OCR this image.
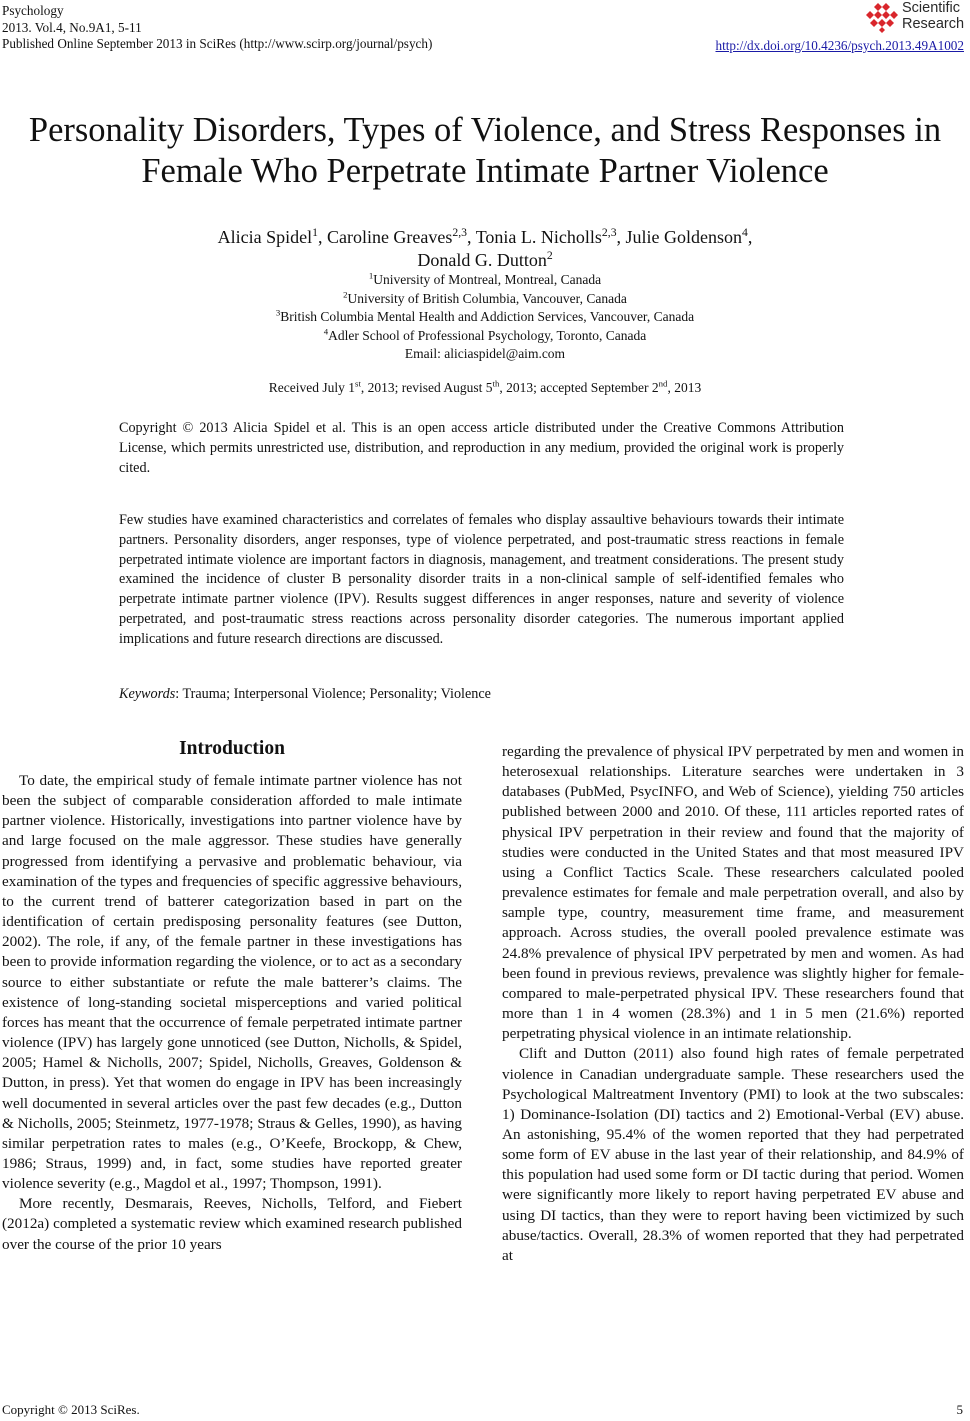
Psychology
2013. Vol.4, No.9A1, 5-11
Published Online September 2013 in SciRes (http://www.scirp.org/journal/psych)	http://dx.doi.org/10.4236/psych.2013.49A1002
Scientific
Research
Personality Disorders, Types of Violence, and Stress Responses in
Female Who Perpetrate Intimate Partner Violence
Alicia Spidel$^1$, Caroline Greaves$^{2,3}$, Tonia L. Nicholls$^{2,3}$, Julie Goldenson$^4$,
Donald G. Dutton$^2$
$^1$University of Montreal, Montreal, Canada
$^2$University of British Columbia, Vancouver, Canada
$^3$British Columbia Mental Health and Addiction Services, Vancouver, Canada
$^4$Adler School of Professional Psychology, Toronto, Canada
Email: aliciaspidel@aim.com
Received July 1st, 2013; revised August 5th, 2013; accepted September 2nd, 2013
Copyright © 2013 Alicia Spidel et al. This is an open access article distributed under the Creative Commons Attribution License, which permits unrestricted use, distribution, and reproduction in any medium, provided the original work is properly cited.
Few studies have examined characteristics and correlates of females who display assaultive behaviours towards their intimate partners. Personality disorders, anger responses, type of violence perpetrated, and post-traumatic stress reactions in female perpetrated intimate violence are important factors in diagnosis, management, and treatment considerations. The present study examined the incidence of cluster B personality disorder traits in a non-clinical sample of self-identified females who perpetrate intimate partner violence (IPV). Results suggest differences in anger responses, nature and severity of violence perpetrated, and post-traumatic stress reactions across personality disorder categories. The numerous important applied implications and future research directions are discussed.
Keywords: Trauma; Interpersonal Violence; Personality; Violence
Introduction

To date, the empirical study of female intimate partner violence has not been the subject of comparable consideration afforded to male intimate partner violence. Historically, investigations into partner violence have by and large focused on the male aggressor. These studies have generally progressed from identifying a pervasive and problematic behaviour, via examination of the types and frequencies of specific aggressive behaviours, to the current trend of batterer categorization based in part on the identification of certain predisposing personality features (see Dutton, 2002). The role, if any, of the female partner in these investigations has been to provide information regarding the violence, or to act as a secondary source to either substantiate or refute the male batterer’s claims. The existence of long-standing societal misperceptions and varied political forces has meant that the occurrence of female perpetrated intimate partner violence (IPV) has largely gone unnoticed (see Dutton, Nicholls, & Spidel, 2005; Hamel & Nicholls, 2007; Spidel, Nicholls, Greaves, Goldenson & Dutton, in press). Yet that women do engage in IPV has been increasingly well documented in several articles over the past few decades (e.g., Dutton & Nicholls, 2005; Steinmetz, 1977-1978; Straus & Gelles, 1990), as having similar perpetration rates to males (e.g., O’Keefe, Brockopp, & Chew, 1986; Straus, 1999) and, in fact, some studies have reported greater violence severity (e.g., Magdol et al., 1997; Thompson, 1991).

More recently, Desmarais, Reeves, Nicholls, Telford, and Fiebert (2012a) completed a systematic review which examined research published over the course of the prior 10 years

regarding the prevalence of physical IPV perpetrated by men and women in heterosexual relationships. Literature searches were undertaken in 3 databases (PubMed, PsycINFO, and Web of Science), yielding 750 articles published between 2000 and 2010. Of these, 111 articles reported rates of physical IPV perpetration in their review and found that the majority of studies were conducted in the United States and that most measured IPV using a Conflict Tactics Scale. These researchers calculated pooled prevalence estimates for female and male perpetration overall, and also by sample type, country, measurement time frame, and measurement approach. Across studies, the overall pooled prevalence estimate was 24.8% prevalence of physical IPV perpetrated by men and women. As had been found in previous reviews, prevalence was slightly higher for female- compared to male-perpetrated physical IPV. These researchers found that more than 1 in 4 women (28.3%) and 1 in 5 men (21.6%) reported perpetrating physical violence in an intimate relationship.

Clift and Dutton (2011) also found high rates of female perpetrated violence in Canadian undergraduate sample. These researchers used the Psychological Maltreatment Inventory (PMI) to look at the two subscales: 1) Dominance-Isolation (DI) tactics and 2) Emotional-Verbal (EV) abuse. An astonishing, 95.4% of the women reported that they had perpetrated some form of EV abuse in the last year of their relationship, and 84.9% of this population had used some form or DI tactic during that period. Women were significantly more likely to report having perpetrated EV abuse and using DI tactics, than they were to report having been victimized by such abuse/tactics. Overall, 28.3% of women reported that they had perpetrated at

Copyright © 2013 SciRes.	5
